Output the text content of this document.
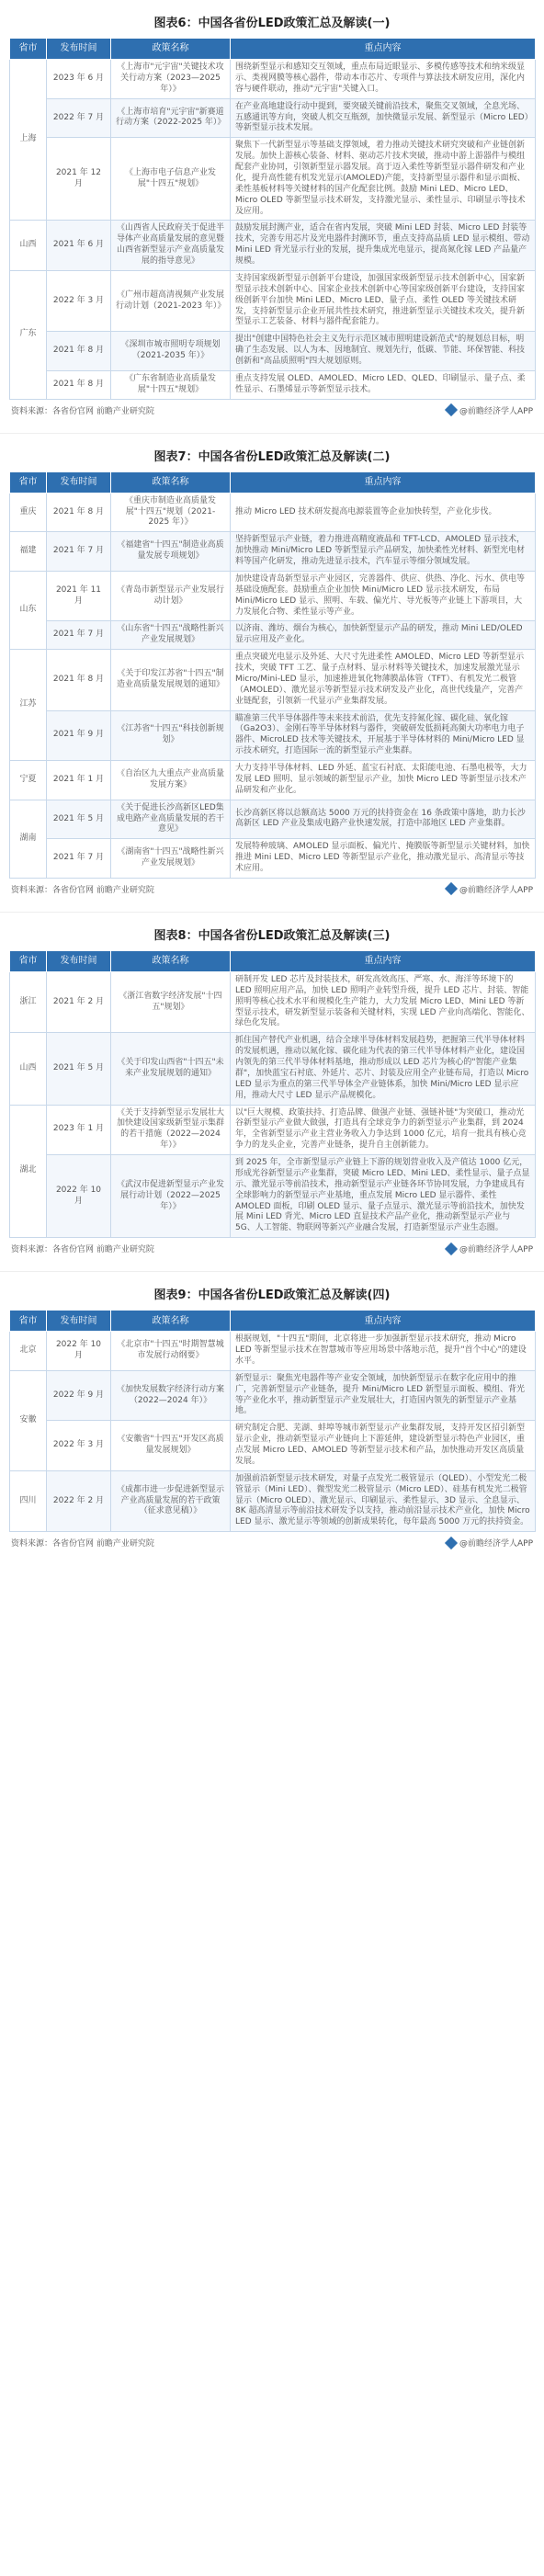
图表6：中国各省份LED政策汇总及解读(一)
省市	发布时间	政策名称	重点内容
上海	2023 年 6 月	《上海市"元宇宙"关键技术攻关行动方案（2023—2025 年）》	围绕新型显示和感知交互领域，重点布局近眼显示、多模传感等技术和纳米级显示、类视网膜等核心器件，带动本市芯片、专项件与算法技术研发应用，深化内容与硬件联动，推动"元宇宙"关键入口。
	2022 年 7 月	《上海市培育"元宇宙"新赛道行动方案（2022-2025 年）》	在产业高地建设行动中提到，要突破关键前沿技术，聚焦交叉领域，全息光场、五感通讯等方向，突破人机交互瓶颈，加快微显示发展、新型显示（Micro LED）等新型显示技术发展。
	2021 年 12 月	《上海市电子信息产业发展"十四五"规划》	聚焦下一代新型显示等基础支撑领域，着力推动关键技术研究突破和产业链创新发展。加快上游核心装备、材料、驱动芯片技术突破，推动中游上游器件与模组配套产业协同，引领新型显示器发展。高于迈入柔性等新型显示器件研发和产业化，提升高性能有机发光显示(AMOLED)产能，支持新型显示器件和显示面板、柔性基板材料等关键材料的国产化配套比例。鼓励 Mini LED、Micro LED、Micro OLED 等新型显示技术研发，支持激光显示、柔性显示、印刷显示等技术及应用。
山西	2021 年 6 月	《山西省人民政府关于促进半导体产业高质量发展的意见暨山西省新型显示产业高质量发展的指导意见》	鼓励发展封测产业，适合在省内发展，突破 Mini LED 封装、Micro LED 封装等技术，完善专用芯片及光电器件封测环节，重点支持高品质 LED 显示模组、带动 Mini LED 背光显示行业的发展，提升集成光电显示，提高氮化镓 LED 产品量产规模。
广东	2022 年 3 月	《广州市超高清视频产业发展行动计划（2021-2023 年）》	支持国家级新型显示创新平台建设，加强国家级新型显示技术创新中心，国家新型显示技术创新中心、国家企业技术创新中心等国家级创新平台建设，支持国家级创新平台加快 Mini LED、Micro LED、量子点、柔性 OLED 等关键技术研发，支持新型显示企业开展共性技术研究，推进新型显示关键技术攻关，提升新型显示工艺装备、材料与器件配套能力。
	2021 年 8 月	《深圳市城市照明专项规划（2021-2035 年）》	提出"创建中国特色社会主义先行示范区城市照明建设新范式"的规划总目标，明确了生态发展、以人为本、因地制宜、规划先行，低碳、节能、环保智能、科技创新和"高品质照明"四大规划原则。
	2021 年 8 月	《广东省制造业高质量发展"十四五"规划》	重点支持发展 OLED、AMOLED、Micro LED、QLED、印刷显示、量子点、柔性显示、石墨烯显示等新型显示技术。
资料来源：各省份官网 前瞻产业研究院	@前瞻经济学人APP
图表7：中国各省份LED政策汇总及解读(二)
省市	发布时间	政策名称	重点内容
重庆	2021 年 8 月	《重庆市制造业高质量发展"十四五"规划（2021-2025 年）》	推动 Micro LED 技术研发提高电源装置等企业加快转型，产业化步伐。
福建	2021 年 7 月	《福建省"十四五"制造业高质量发展专项规划》	坚持新型显示产业链，着力推进高精度液晶和 TFT-LCD、AMOLED 显示技术，加快推动 Mini/Micro LED 等新型显示产品研发，加快柔性光材料、新型光电材料等国产化研发，推动先进显示技术，汽车显示等细分领域发展。
山东	2021 年 11 月	《青岛市新型显示产业发展行动计划》	加快建设青岛新型显示产业园区，完善器件、供应、供热、净化、污水、供电等基础设施配套。鼓励重点企业加快 Mini/Micro LED 显示技术研发，布局 Mini/Micro LED 显示、照明、车载、偏光片、导光板等产业链上下游项目，大力发展化合物、柔性显示等产业。
	2021 年 7 月	《山东省"十四五"战略性新兴产业发展规划》	以济南、潍坊、烟台为核心，加快新型显示产品的研发，推动 Mini LED/OLED 显示应用及产业化。
江苏	2021 年 8 月	《关于印发江苏省"十四五"制造业高质量发展规划的通知》	重点突破光电显示及外延、大尺寸先进柔性 AMOLED、Micro LED 等新型显示技术，突破 TFT 工艺、量子点材料、显示材料等关键技术，加速发展激光显示 Micro/Mini-LED 显示，加速推进氧化物薄膜晶体管（TFT）、有机发光二极管（AMOLED）、激光显示等新型显示技术研发及产业化，高世代线量产，完善产业链配套，引领新一代显示产业集群发展。
	2021 年 9 月	《江苏省"十四五"科技创新规划》	瞄准第三代半导体器件等未来技术前沿，优先支持氮化镓、碳化硅、氧化镓（Ga2O3）、金刚石等半导体材料与器件，突破研发低损耗高频大功率电力电子器件、MicroLED 技术等关键技术，开展基于半导体材料的 Mini/Micro LED 显示技术研究，打造国际一流的新型显示产业集群。
宁夏	2021 年 1 月	《自治区九大重点产业高质量发展方案》	大力支持半导体材料、LED 外延、蓝宝石衬底、太阳能电池、石墨电极等，大力发展 LED 照明、显示领域的新型显示产业，加快 Micro LED 等新型显示技术产品研发和产业化。
湖南	2021 年 5 月	《关于促进长沙高新区LED集成电路产业高质量发展的若干意见》	长沙高新区将以总额高达 5000 万元的扶持资金在 16 条政策中落地，助力长沙高新区 LED 产业及集成电路产业快速发展，打造中部地区 LED 产业集群。
	2021 年 7 月	《湖南省"十四五"战略性新兴产业发展规划》	发展特种玻璃、AMOLED 显示面板、偏光片、掩膜版等新型显示关键材料，加快推进 Mini LED、Micro LED 等新型显示产业化，推动激光显示、高清显示等技术应用。
资料来源：各省份官网 前瞻产业研究院	@前瞻经济学人APP
图表8：中国各省份LED政策汇总及解读(三)
省市	发布时间	政策名称	重点内容
浙江	2021 年 2 月	《浙江省数字经济发展"十四五"规划》	研制开发 LED 芯片及封装技术，研发高效高压、严寒、水、海洋等环境下的 LED 照明应用产品，加快 LED 照明产业转型升级，提升 LED 芯片、封装、智能照明等核心技术水平和规模化生产能力，大力发展 Micro LED、Mini LED 等新型显示技术，研发新型显示装备和关键材料，实现 LED 产业向高端化、智能化、绿色化发展。
山西	2021 年 5 月	《关于印发山西省"十四五"未来产业发展规划的通知》	抓住国产替代产业机遇，结合全球半导体材料发展趋势，把握第三代半导体材料的发展机遇，推动以氮化镓、碳化硅为代表的第三代半导体材料产业化，建设国内领先的第三代半导体材料基地，推动形成以 LED 芯片为核心的"智能产业集群"，加快蓝宝石衬底、外延片、芯片、封装及应用全产业链布局，打造以 Micro LED 显示为重点的第三代半导体全产业链体系，加快 Mini/Micro LED 显示应用，推动大尺寸 LED 显示产品规模化。
湖北	2023 年 1 月	《关于支持新型显示发展壮大加快建设国家级新型显示集群的若干措施（2022—2024 年）》	以"巨大规模、政策扶持、打造品牌、做强产业链、强链补链"为突破口，推动光谷新型显示产业做大做强，打造具有全球竞争力的新型显示产业集群，到 2024 年，全省新型显示产业主营业务收入力争达到 1000 亿元，培育一批具有核心竞争力的龙头企业，完善产业链条，提升自主创新能力。
	2022 年 10 月	《武汉市促进新型显示产业发展行动计划（2022—2025 年）》	到 2025 年，全市新型显示产业链上下游的规划营业收入及产值达 1000 亿元，形成光谷新型显示产业集群，突破 Micro LED、Mini LED、柔性显示、量子点显示、激光显示等前沿技术，推动新型显示产业链各环节协同发展，力争建成具有全球影响力的新型显示产业基地，重点发展 Micro LED 显示器件、柔性 AMOLED 面板，印刷 OLED 显示、量子点显示、激光显示等前沿技术，加快发展 Mini LED 背光、Micro LED 直显技术产品产业化，推动新型显示产业与 5G、人工智能、物联网等新兴产业融合发展，打造新型显示产业生态圈。
资料来源：各省份官网 前瞻产业研究院	@前瞻经济学人APP
图表9：中国各省份LED政策汇总及解读(四)
省市	发布时间	政策名称	重点内容
北京	2022 年 10 月	《北京市"十四五"时期智慧城市发展行动纲要》	根据规划，"十四五"期间，北京将进一步加强新型显示技术研究，推动 Micro LED 等新型显示技术在智慧城市等应用场景中落地示范，提升"首个中心"的建设水平。
安徽	2022 年 9 月	《加快发展数字经济行动方案（2022—2024 年）》	新型显示：聚焦光电器件等产业安全领域，加快新型显示在数字化应用中的推广，完善新型显示产业链条，提升 Mini/Micro LED 新型显示面板、模组、背光等产业化水平，推动新型显示产业发展壮大，打造国内领先的新型显示产业基地。
	2022 年 3 月	《安徽省"十四五"开发区高质量发展规划》	研究制定合肥、芜湖、蚌埠等城市新型显示产业集群发展，支持开发区招引新型显示企业，推动新型显示产业链向上下游延伸，建设新型显示特色产业园区，重点发展 Micro LED、AMOLED 等新型显示技术和产品，加快推动开发区高质量发展。
四川	2022 年 2 月	《成都市进一步促进新型显示产业高质量发展的若干政策（征求意见稿）》	加强前沿新型显示技术研发，对量子点发光二极管显示（QLED）、小型发光二极管显示（Mini LED）、微型发光二极管显示（Micro LED）、硅基有机发光二极管显示（Micro OLED）、激光显示、印刷显示、柔性显示、3D 显示、全息显示、8K 超高清显示等前沿技术研发予以支持，推动前沿显示技术产业化，加快 Micro LED 显示、激光显示等领域的创新成果转化，每年最高 5000 万元的扶持资金。
资料来源：各省份官网 前瞻产业研究院	@前瞻经济学人APP
